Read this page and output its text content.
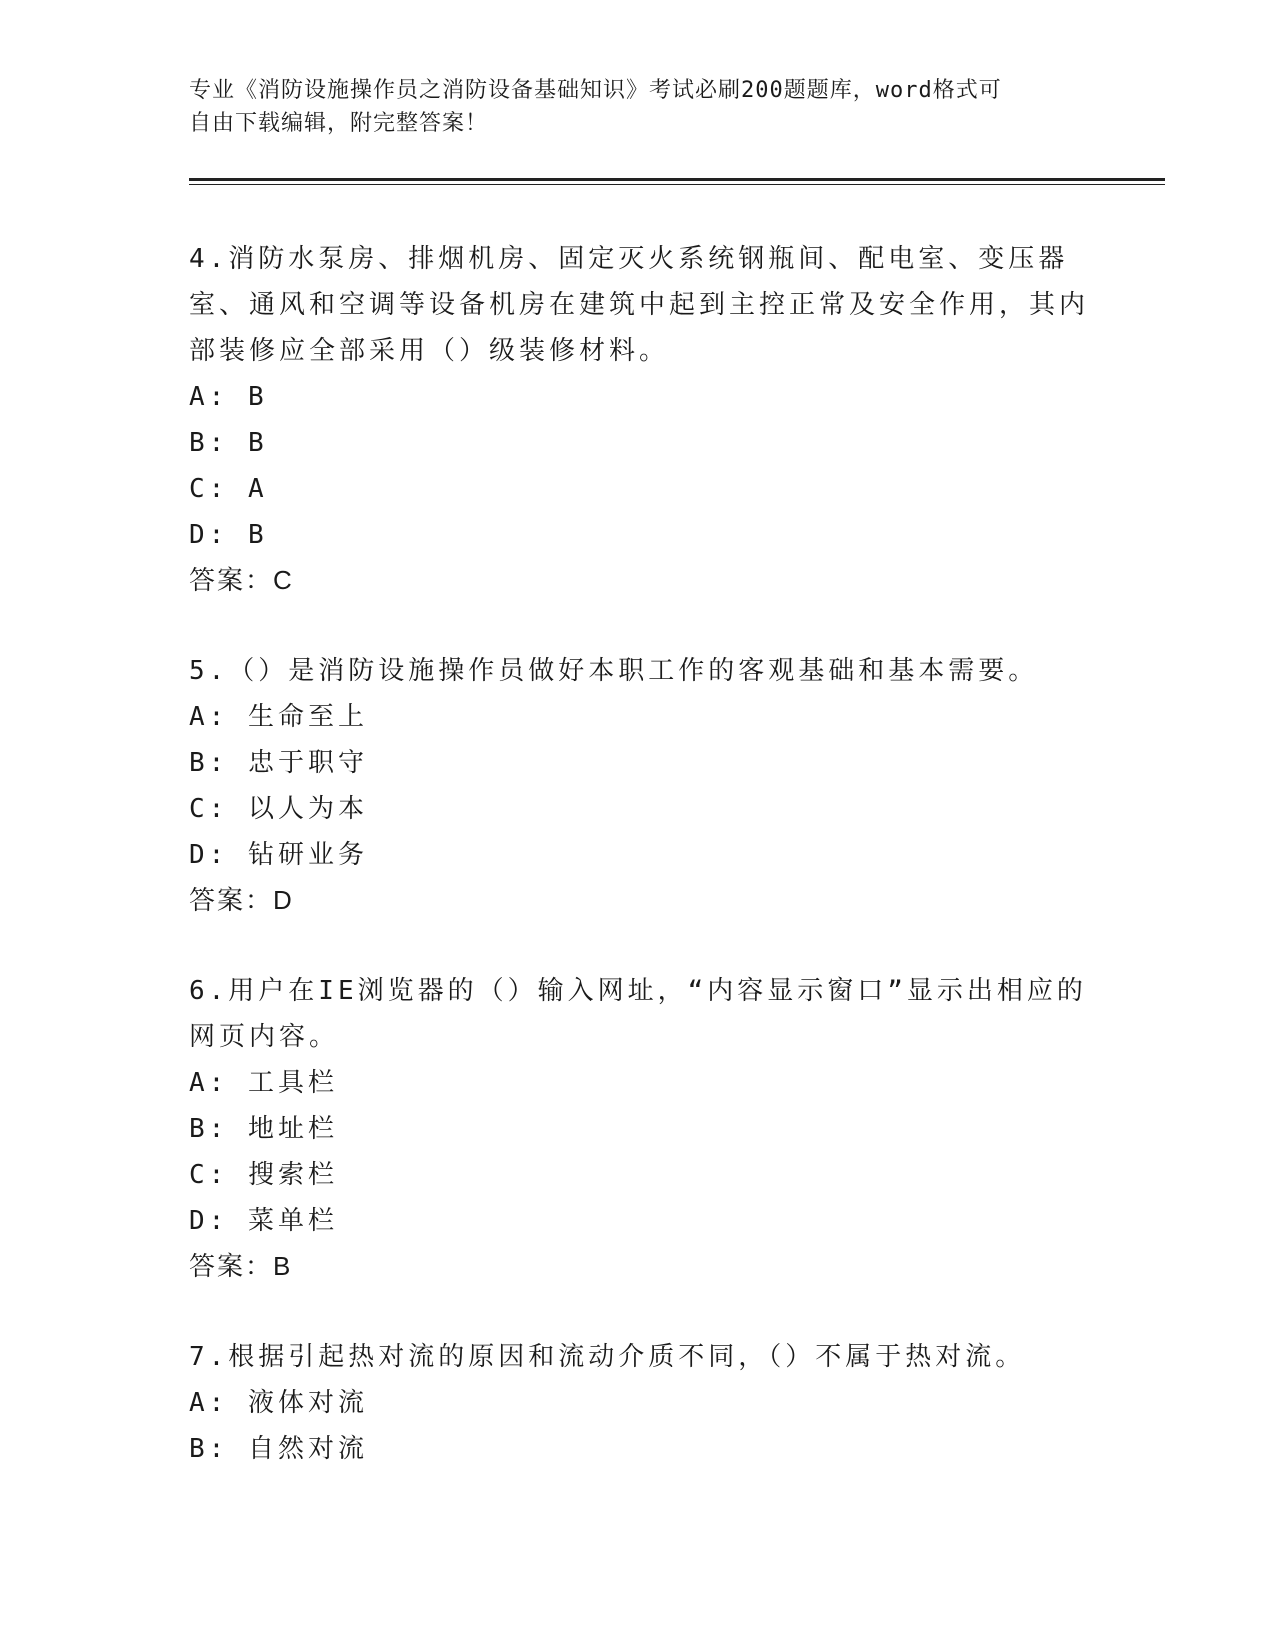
专业《消防设施操作员之消防设备基础知识》考试必刷200题题库，word格式可
自由下载编辑，附完整答案！

4.消防水泵房、排烟机房、固定灭火系统钢瓶间、配电室、变压器室、通风和空调等设备机房在建筑中起到主控正常及安全作用，其内部装修应全部采用（）级装修材料。

A: B

B: B

C: A

D: B

答案：C

5.（）是消防设施操作员做好本职工作的客观基础和基本需要。

A: 生命至上

B: 忠于职守

C: 以人为本

D: 钻研业务

答案：D

6.用户在IE浏览器的（）输入网址，“内容显示窗口”显示出相应的网页内容。

A: 工具栏

B: 地址栏

C: 搜索栏

D: 菜单栏

答案：B

7.根据引起热对流的原因和流动介质不同，（）不属于热对流。

A: 液体对流

B: 自然对流
